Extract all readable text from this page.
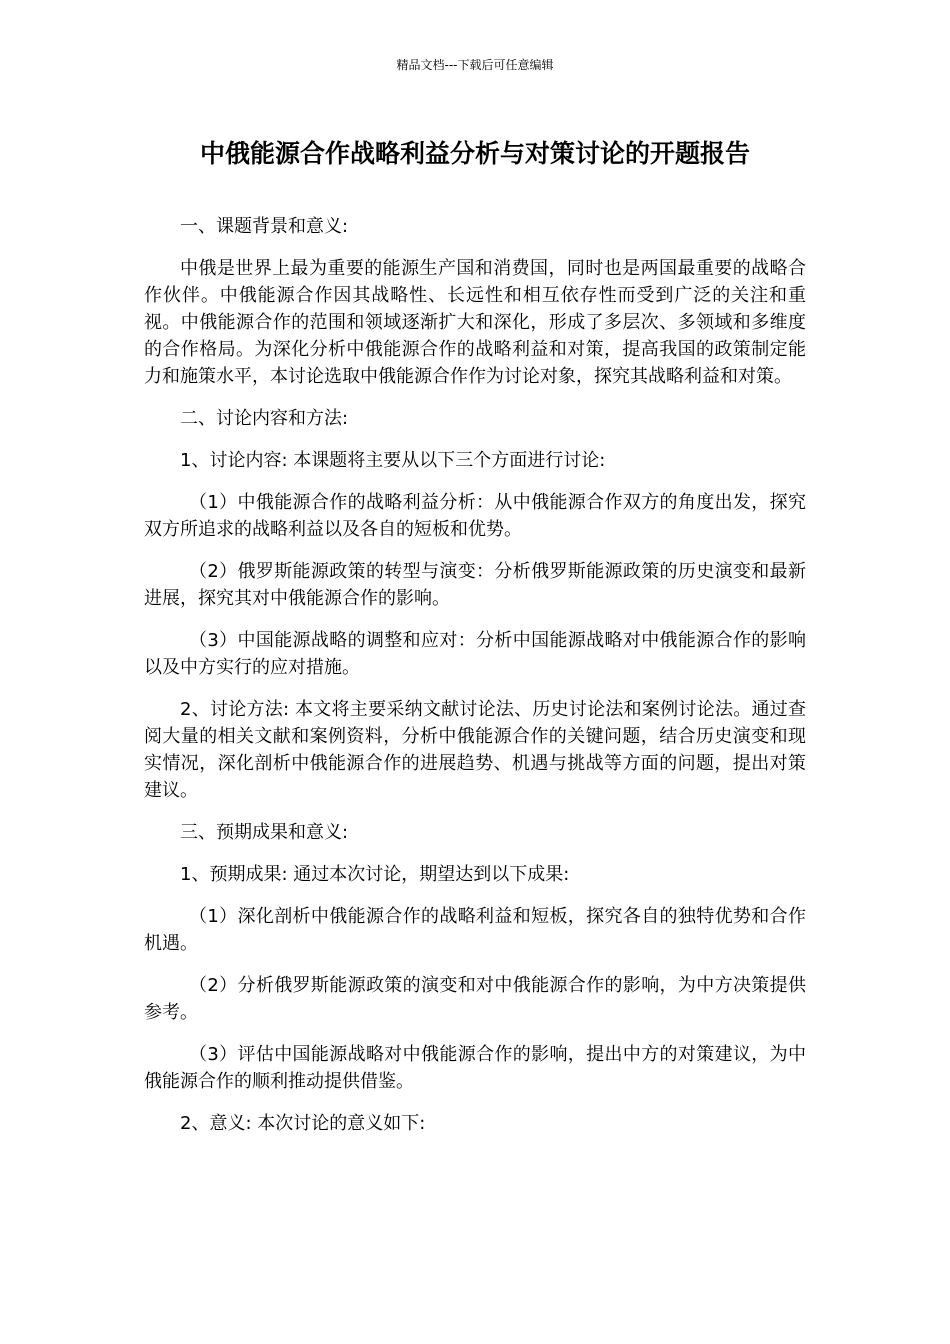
精品文档---下载后可任意编辑
中俄能源合作战略利益分析与对策讨论的开题报告

一、课题背景和意义:

中俄是世界上最为重要的能源生产国和消费国，同时也是两国最重要的战略合作伙伴。中俄能源合作因其战略性、长远性和相互依存性而受到广泛的关注和重视。中俄能源合作的范围和领域逐渐扩大和深化，形成了多层次、多领域和多维度的合作格局。为深化分析中俄能源合作的战略利益和对策，提高我国的政策制定能力和施策水平，本讨论选取中俄能源合作作为讨论对象，探究其战略利益和对策。

二、讨论内容和方法:

1、讨论内容: 本课题将主要从以下三个方面进行讨论:

（1）中俄能源合作的战略利益分析：从中俄能源合作双方的角度出发，探究双方所追求的战略利益以及各自的短板和优势。

（2）俄罗斯能源政策的转型与演变：分析俄罗斯能源政策的历史演变和最新进展，探究其对中俄能源合作的影响。

（3）中国能源战略的调整和应对：分析中国能源战略对中俄能源合作的影响以及中方实行的应对措施。

2、讨论方法: 本文将主要采纳文献讨论法、历史讨论法和案例讨论法。通过查阅大量的相关文献和案例资料，分析中俄能源合作的关键问题，结合历史演变和现实情况，深化剖析中俄能源合作的进展趋势、机遇与挑战等方面的问题，提出对策建议。

三、预期成果和意义:

1、预期成果: 通过本次讨论，期望达到以下成果:

（1）深化剖析中俄能源合作的战略利益和短板，探究各自的独特优势和合作机遇。

（2）分析俄罗斯能源政策的演变和对中俄能源合作的影响，为中方决策提供参考。

（3）评估中国能源战略对中俄能源合作的影响，提出中方的对策建议，为中俄能源合作的顺利推动提供借鉴。

2、意义: 本次讨论的意义如下:
